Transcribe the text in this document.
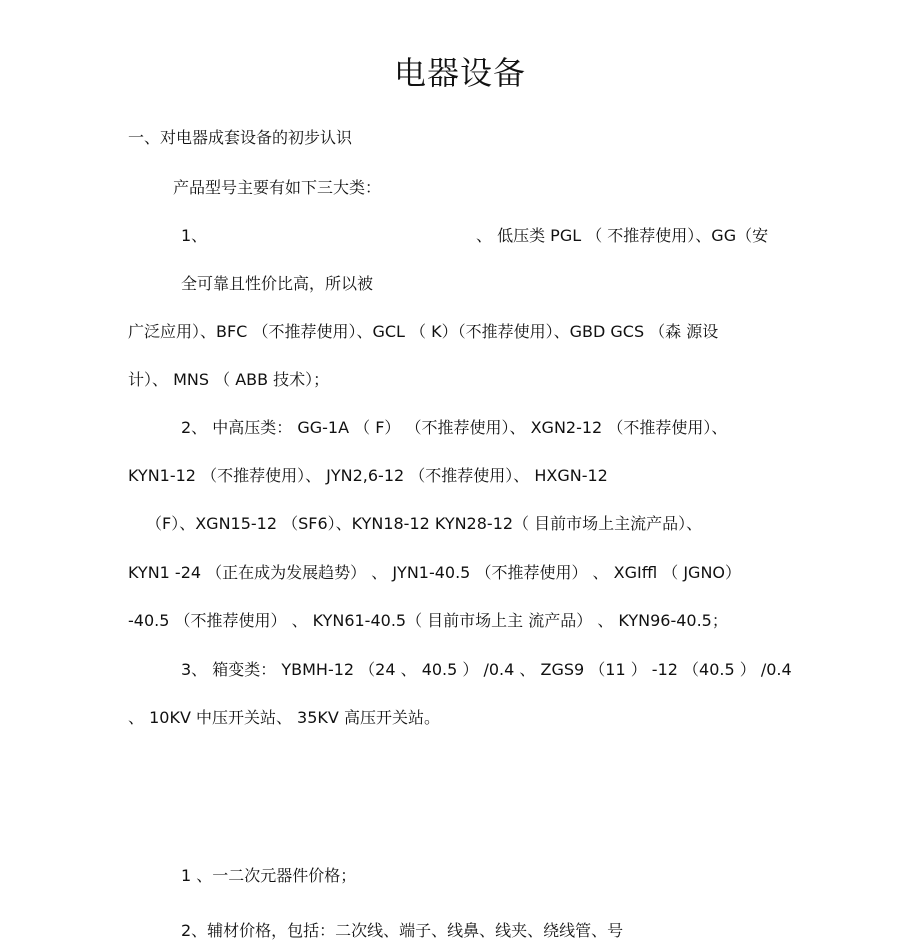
电器设备
一、对电器成套设备的初步认识
产品型号主要有如下三大类：
1、	、 低压类 PGL （ 不推荐使用）、GG（安
全可靠且性价比高，所以被
广泛应用）、BFC （不推荐使用）、GCL （ K）（不推荐使用）、GBD GCS （森 源设
计）、 MNS （ ABB 技术）；
2、 中高压类： GG-1A （ F） （不推荐使用）、 XGN2-12 （不推荐使用）、
KYN1-12 （不推荐使用）、 JYN2,6-12 （不推荐使用）、 HXGN-12
（F）、XGN15-12 （SF6）、KYN18-12 KYN28-12（ 目前市场上主流产品）、
KYN1 -24 （正在成为发展趋势） 、 JYN1-40.5 （不推荐使用） 、 XGIffl （ JGNO）
-40.5 （不推荐使用） 、 KYN61-40.5（ 目前市场上主 流产品） 、 KYN96-40.5；
3、 箱变类： YBMH-12 （24 、 40.5 ） /0.4 、 ZGS9 （11 ） -12 （40.5 ） /0.4
、 10KV 中压开关站、 35KV 高压开关站。
1 、一二次元器件价格；
2、辅材价格，包括：二次线、端子、线鼻、线夹、绕线管、号
